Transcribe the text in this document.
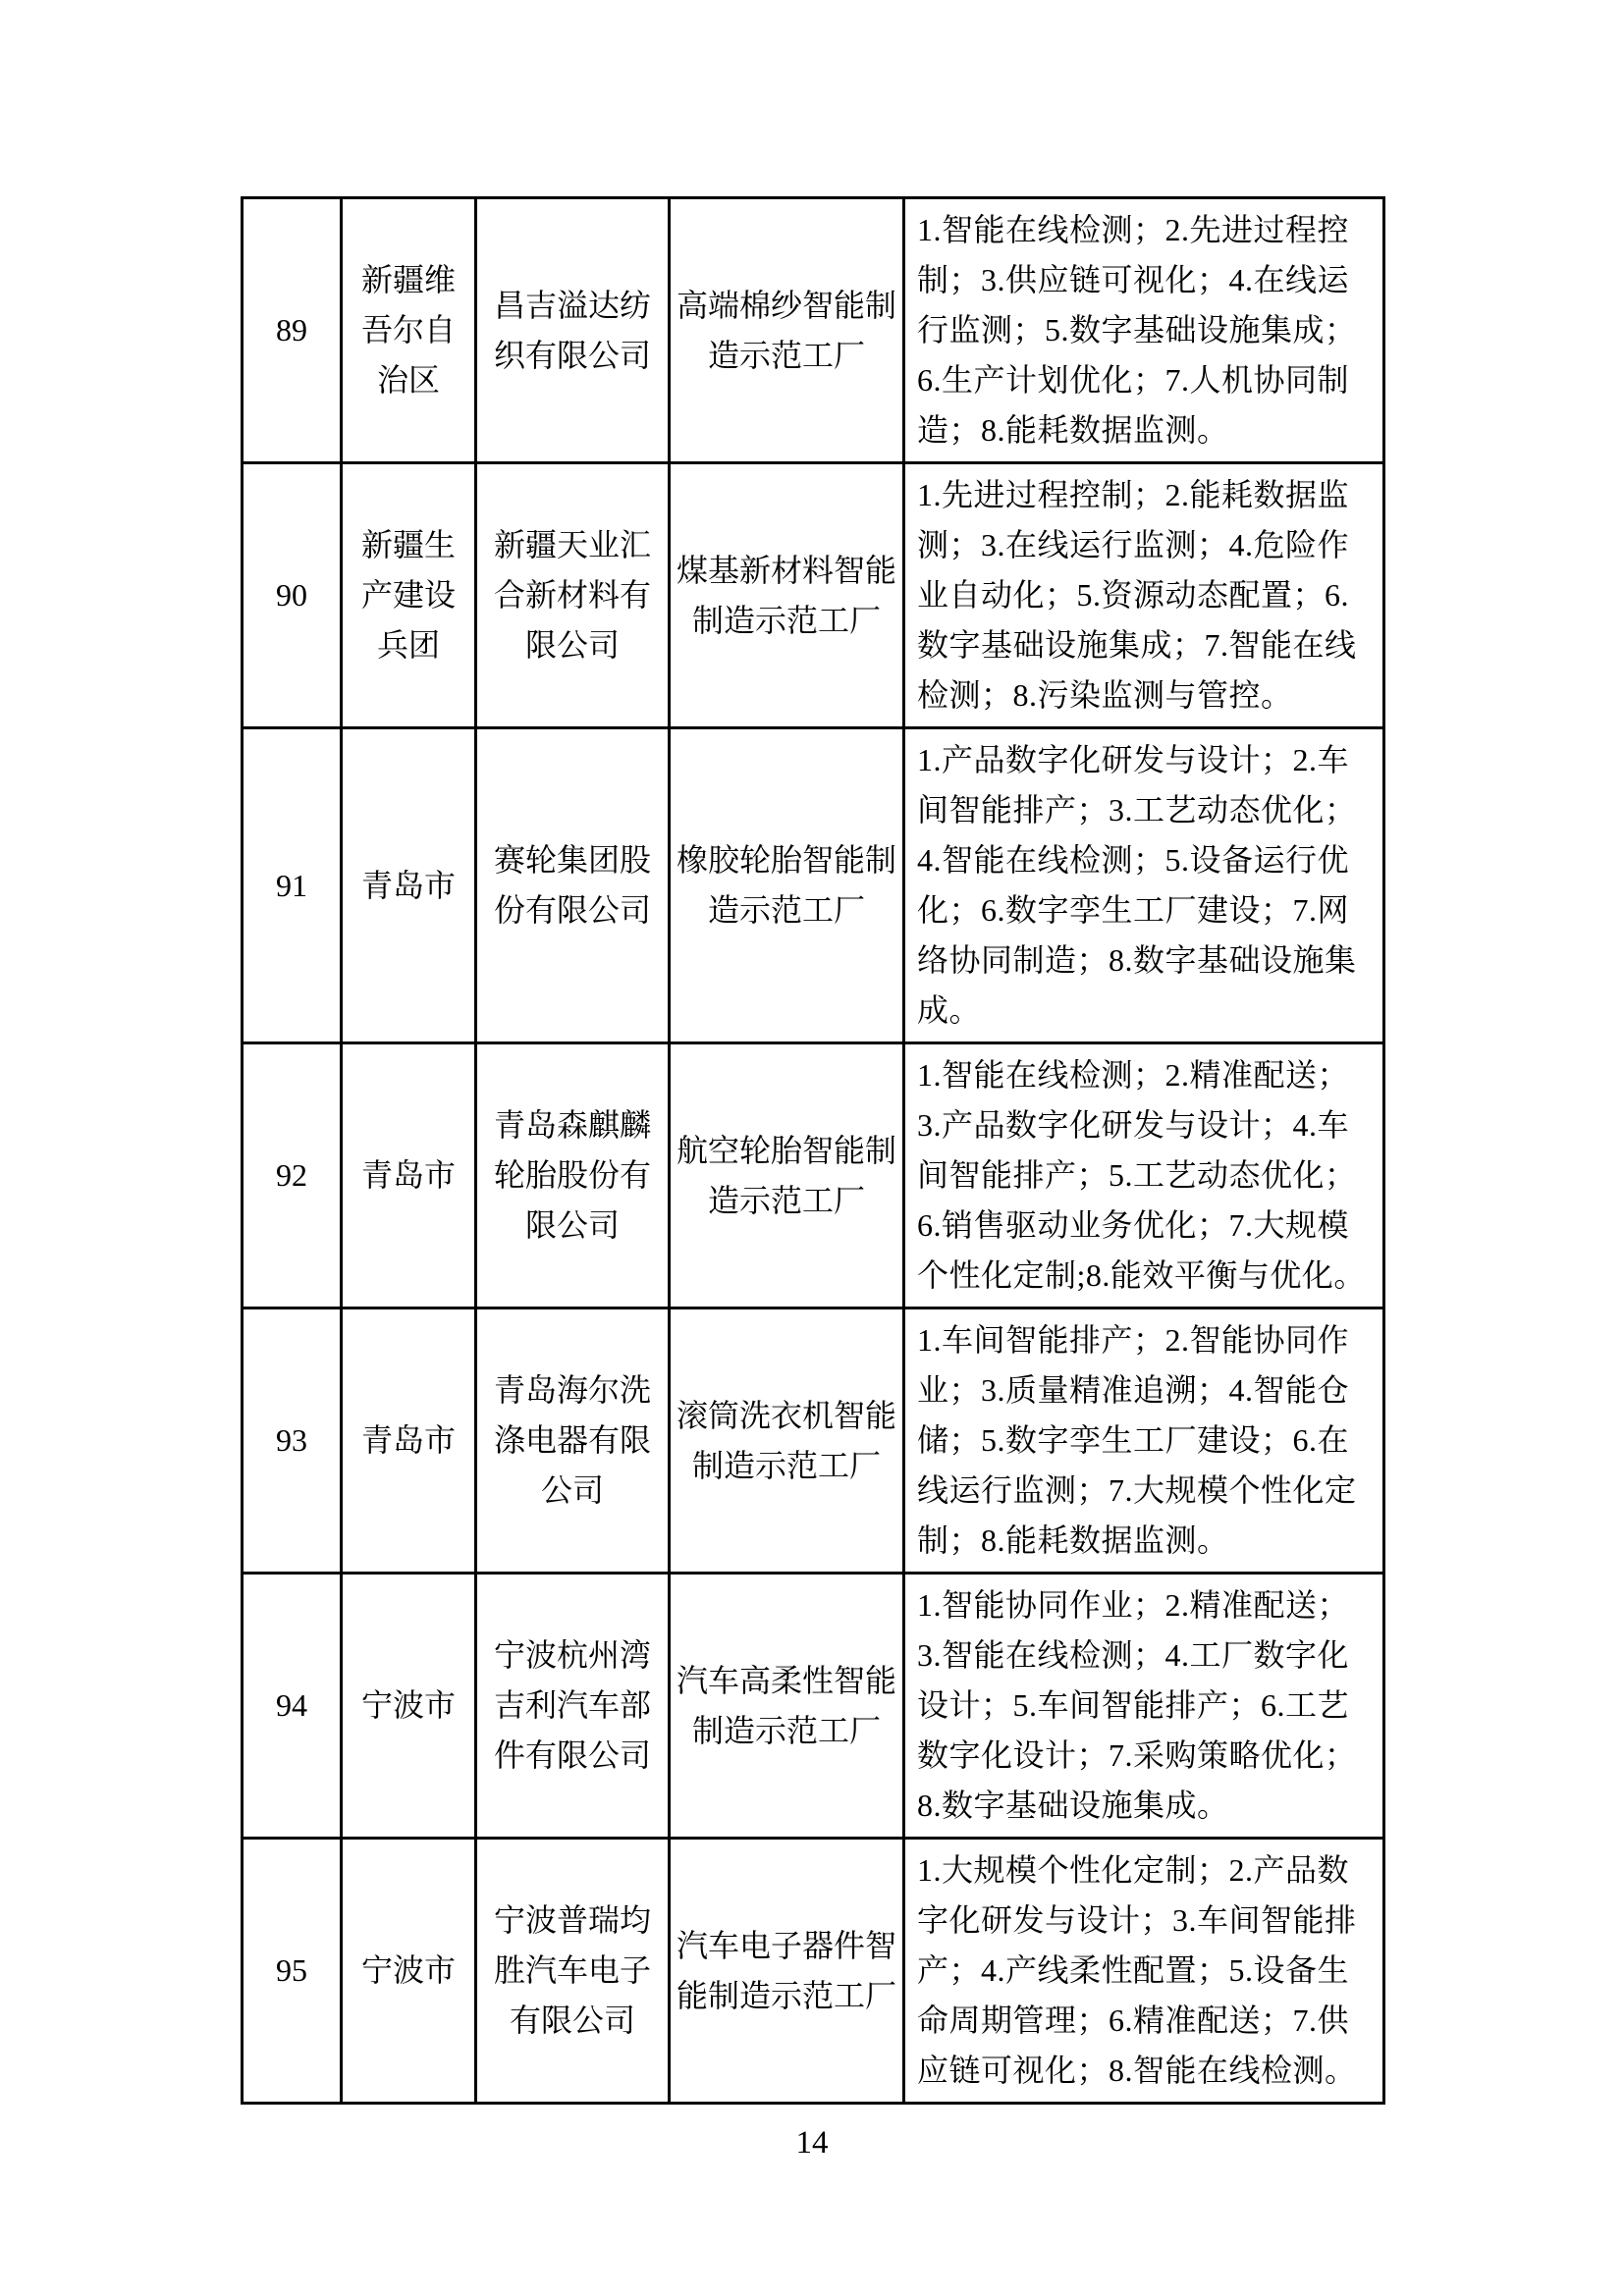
89	新疆维吾尔自治区	昌吉溢达纺织有限公司	高端棉纱智能制造示范工厂	1.智能在线检测；2.先进过程控制；3.供应链可视化；4.在线运行监测；5.数字基础设施集成；6.生产计划优化；7.人机协同制造；8.能耗数据监测。
90	新疆生产建设兵团	新疆天业汇合新材料有限公司	煤基新材料智能制造示范工厂	1.先进过程控制；2.能耗数据监测；3.在线运行监测；4.危险作业自动化；5.资源动态配置；6.数字基础设施集成；7.智能在线检测；8.污染监测与管控。
91	青岛市	赛轮集团股份有限公司	橡胶轮胎智能制造示范工厂	1.产品数字化研发与设计；2.车间智能排产；3.工艺动态优化；4.智能在线检测；5.设备运行优化；6.数字孪生工厂建设；7.网络协同制造；8.数字基础设施集成。
92	青岛市	青岛森麒麟轮胎股份有限公司	航空轮胎智能制造示范工厂	1.智能在线检测；2.精准配送；3.产品数字化研发与设计；4.车间智能排产；5.工艺动态优化；6.销售驱动业务优化；7.大规模个性化定制;8.能效平衡与优化。
93	青岛市	青岛海尔洗涤电器有限公司	滚筒洗衣机智能制造示范工厂	1.车间智能排产；2.智能协同作业；3.质量精准追溯；4.智能仓储；5.数字孪生工厂建设；6.在线运行监测；7.大规模个性化定制；8.能耗数据监测。
94	宁波市	宁波杭州湾吉利汽车部件有限公司	汽车高柔性智能制造示范工厂	1.智能协同作业；2.精准配送；3.智能在线检测；4.工厂数字化设计；5.车间智能排产；6.工艺数字化设计；7.采购策略优化；8.数字基础设施集成。
95	宁波市	宁波普瑞均胜汽车电子有限公司	汽车电子器件智能制造示范工厂	1.大规模个性化定制；2.产品数字化研发与设计；3.车间智能排产；4.产线柔性配置；5.设备生命周期管理；6.精准配送；7.供应链可视化；8.智能在线检测。
14
